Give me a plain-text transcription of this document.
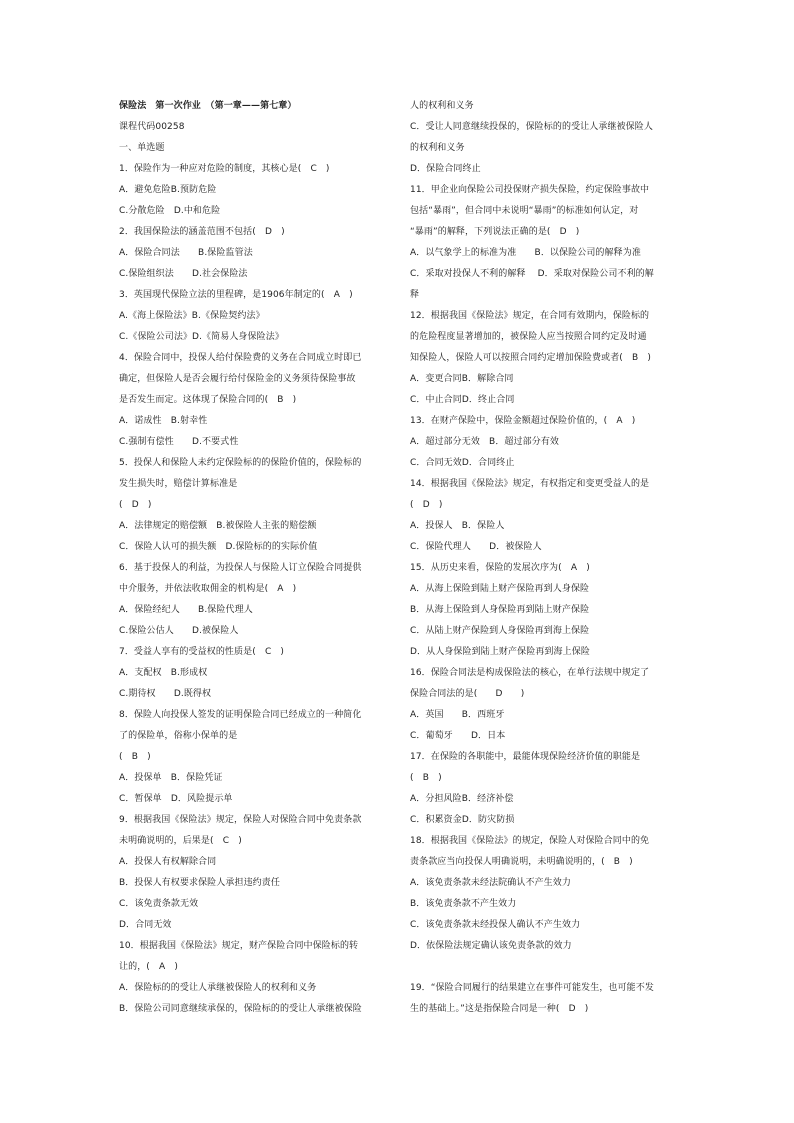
保险法　第一次作业　（第一章——第七章）
课程代码00258
一、单选题
1．保险作为一种应对危险的制度，其核心是(　C　)
A．避免危险B.预防危险
C.分散危险　D.中和危险
2．我国保险法的涵盖范围不包括(　D　)
A．保险合同法　　B.保险监管法
C.保险组织法　　D.社会保险法
3．英国现代保险立法的里程碑，是1906年制定的(　A　)
A.《海上保险法》B.《保险契约法》
C.《保险公司法》D.《简易人身保险法》
4．保险合同中，投保人给付保险费的义务在合同成立时即已
确定，但保险人是否会履行给付保险金的义务须待保险事故
是否发生而定。这体现了保险合同的(　B　)
A．诺成性　B.射幸性
C.强制有偿性　　D.不要式性
5．投保人和保险人未约定保险标的的保险价值的，保险标的
发生损失时，赔偿计算标准是
(　D　)
A．法律规定的赔偿额　B.被保险人主张的赔偿额
C．保险人认可的损失额　D.保险标的的实际价值
6．基于投保人的利益，为投保人与保险人订立保险合同提供
中介服务，并依法收取佣金的机构是(　A　)
A．保险经纪人　　B.保险代理人
C.保险公估人　　D.被保险人
7．受益人享有的受益权的性质是(　C　)
A．支配权　B.形成权
C.期待权　　D.既得权
8．保险人向投保人签发的证明保险合同已经成立的一种简化
了的保险单，俗称小保单的是
(　B　)
A．投保单　B．保险凭证
C．暂保单　D．风险提示单
9．根据我国《保险法》规定，保险人对保险合同中免责条款
未明确说明的，后果是(　C　)
A．投保人有权解除合同
B．投保人有权要求保险人承担违约责任
C．该免责条款无效
D．合同无效
10．根据我国《保险法》规定，财产保险合同中保险标的转
让的，(　A　)
A．保险标的的受让人承继被保险人的权利和义务
B．保险公司同意继续承保的，保险标的的受让人承继被保险
人的权利和义务
C．受让人同意继续投保的，保险标的的受让人承继被保险人
的权利和义务
D．保险合同终止
11．甲企业向保险公司投保财产损失保险，约定保险事故中
包括“暴雨”，但合同中未说明“暴雨”的标准如何认定，对
“暴雨”的解释，下列说法正确的是(　D　)
A．以气象学上的标准为准　　B．以保险公司的解释为准
C．采取对投保人不利的解释　 D．采取对保险公司不利的解
释
12．根据我国《保险法》规定，在合同有效期内，保险标的
的危险程度显著增加的，被保险人应当按照合同约定及时通
知保险人，保险人可以按照合同约定增加保险费或者(　B　)
A．变更合同B．解除合同
C．中止合同D．终止合同
13．在财产保险中，保险金额超过保险价值的，(　A　)
A．超过部分无效　B．超过部分有效
C．合同无效D．合同终止
14．根据我国《保险法》规定，有权指定和变更受益人的是
(　D　)
A．投保人　B．保险人
C．保险代理人　　D．被保险人
15．从历史来看，保险的发展次序为(　A　)
A．从海上保险到陆上财产保险再到人身保险
B．从海上保险到人身保险再到陆上财产保险
C．从陆上财产保险到人身保险再到海上保险
D．从人身保险到陆上财产保险再到海上保险
16．保险合同法是构成保险法的核心，在单行法规中规定了
保险合同法的是(　　D　　)
A．英国　　B．西班牙
C．葡萄牙　　D．日本
17．在保险的各职能中，最能体现保险经济价值的职能是
(　B　)
A．分担风险B．经济补偿
C．积累资金D．防灾防损
18．根据我国《保险法》的规定，保险人对保险合同中的免
责条款应当向投保人明确说明，未明确说明的，(　B　)
A．该免责条款未经法院确认不产生效力
B．该免责条款不产生效力
C．该免责条款未经投保人确认不产生效力
D．依保险法规定确认该免责条款的效力
19．“保险合同履行的结果建立在事件可能发生，也可能不发
生的基础上。”这是指保险合同是一种(　D　)
